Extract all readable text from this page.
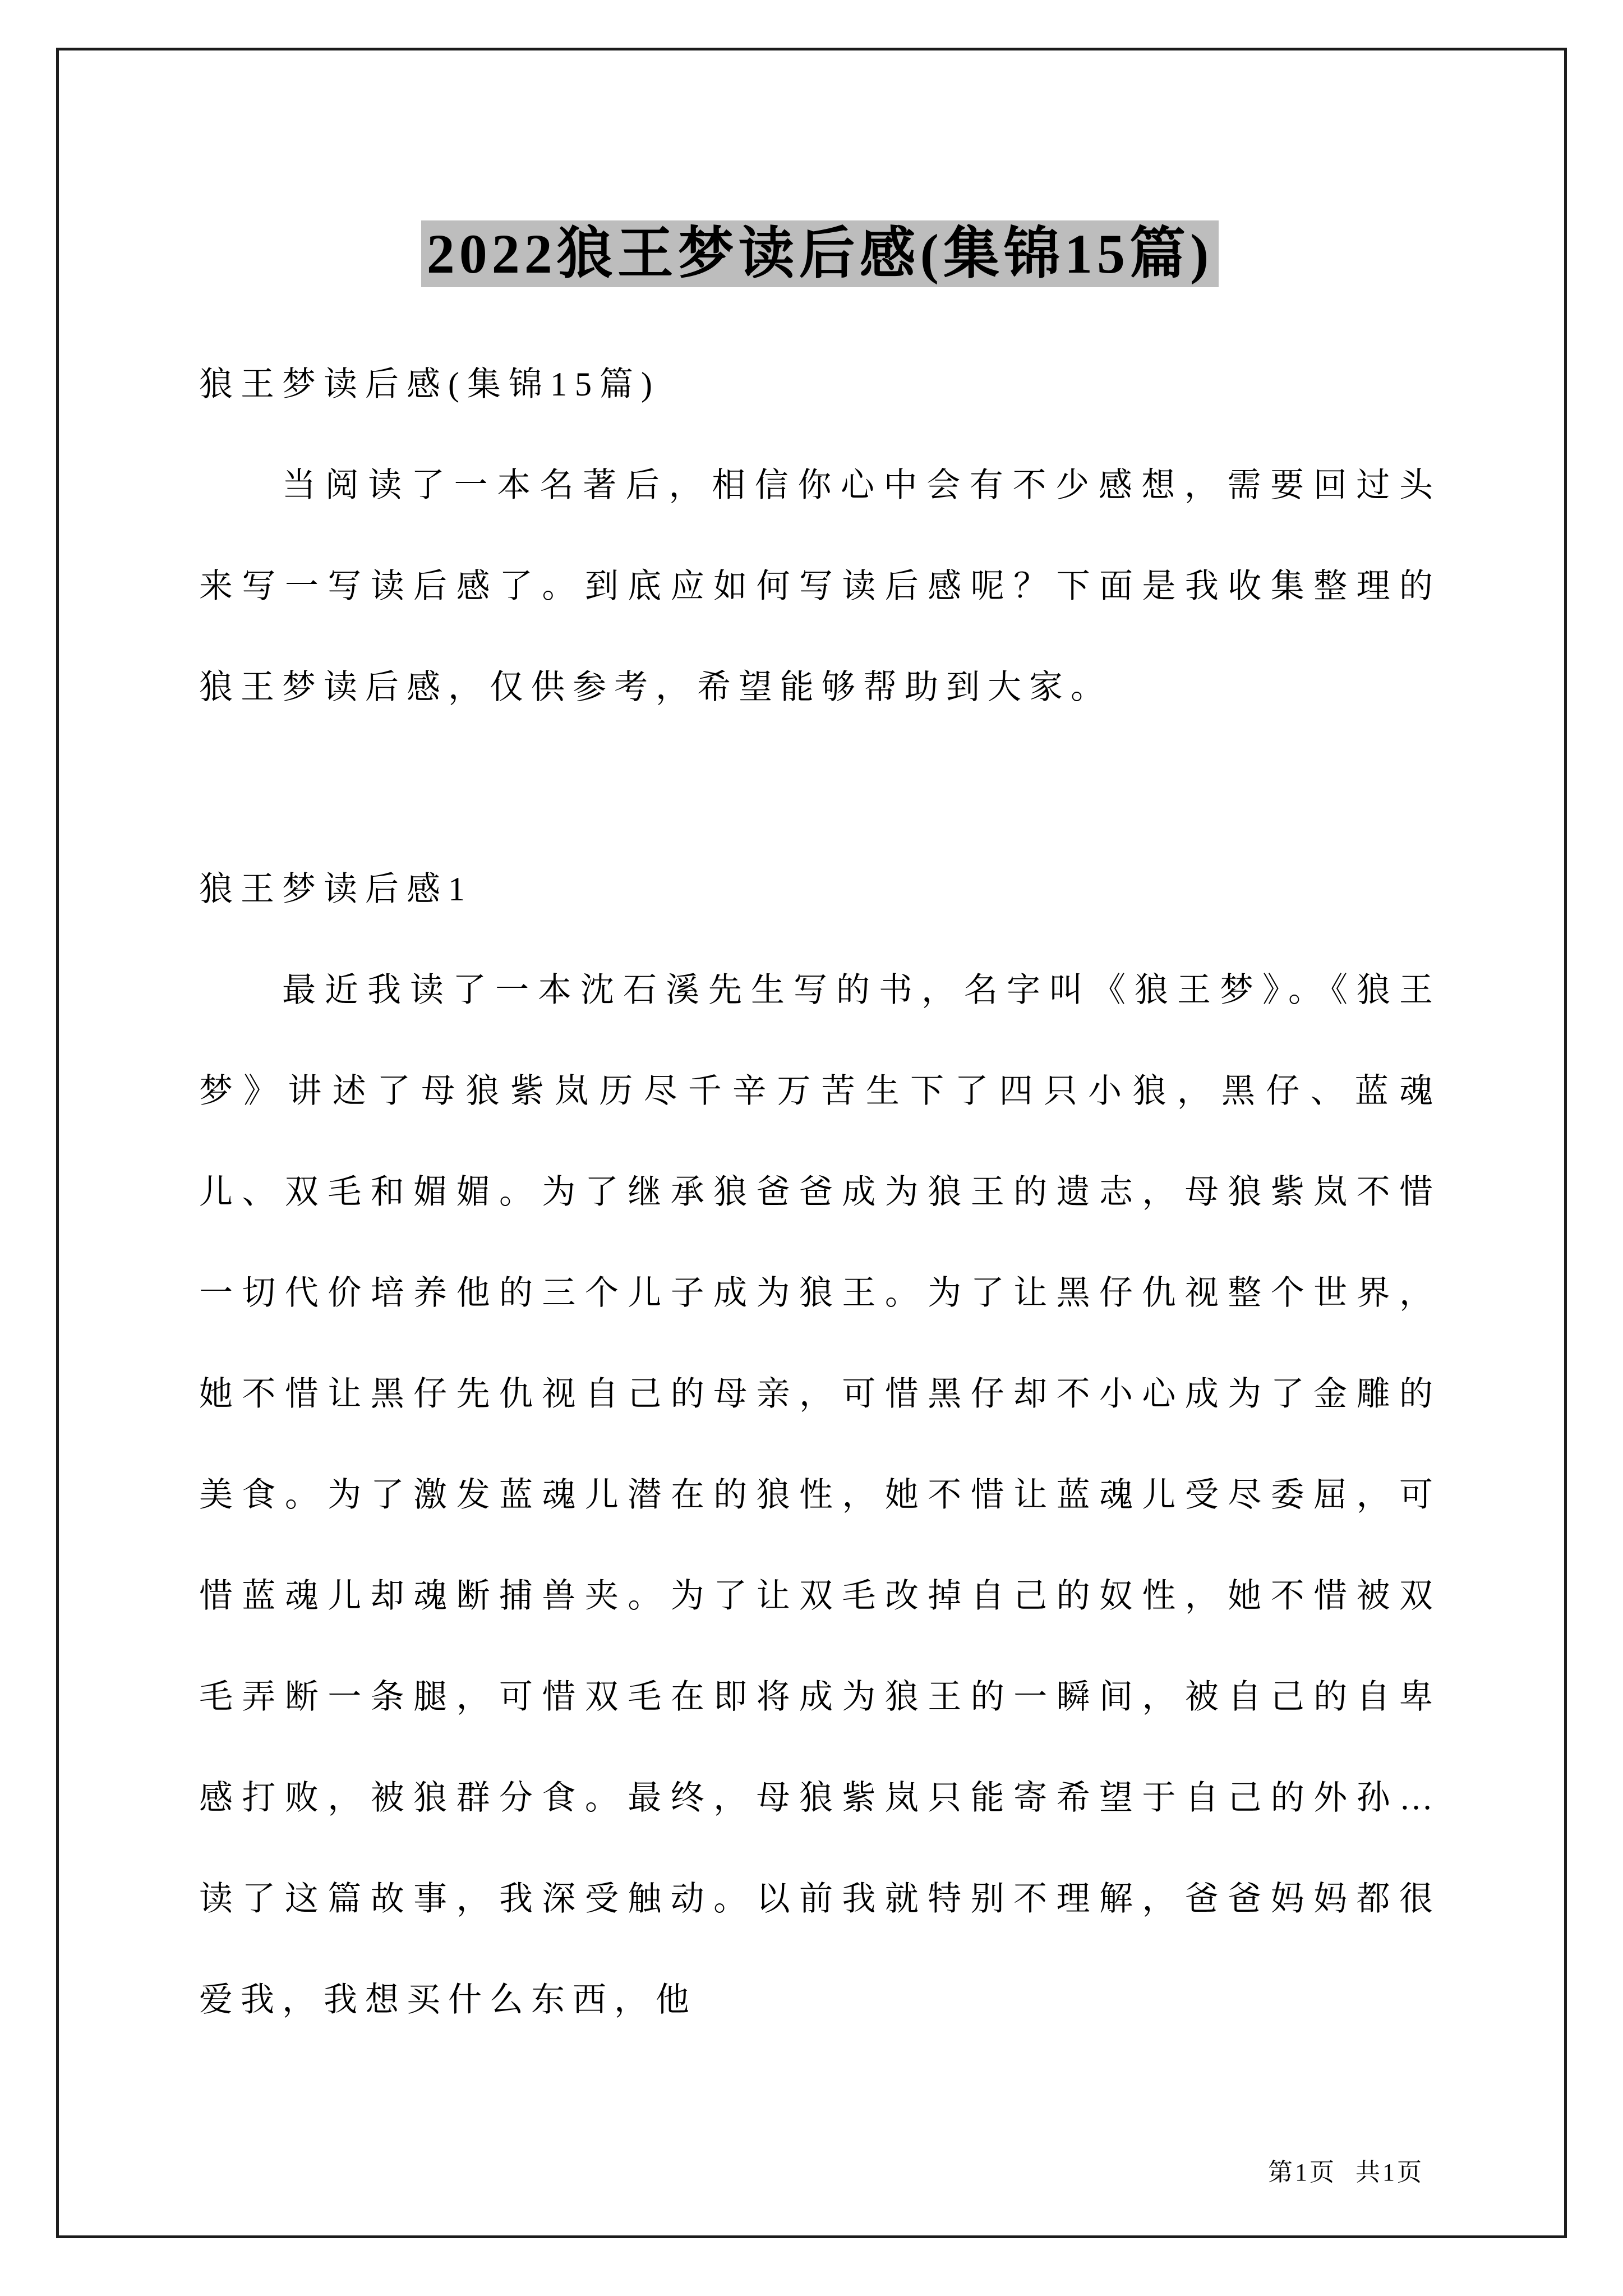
2022狼王梦读后感(集锦15篇)

狼王梦读后感(集锦15篇)

当阅读了一本名著后，相信你心中会有不少感想，需要回过头来写一写读后感了。到底应如何写读后感呢？下面是我收集整理的狼王梦读后感，仅供参考，希望能够帮助到大家。

狼王梦读后感1

最近我读了一本沈石溪先生写的书，名字叫《狼王梦》。《狼王梦》讲述了母狼紫岚历尽千辛万苦生下了四只小狼，黑仔、蓝魂儿、双毛和媚媚。为了继承狼爸爸成为狼王的遗志，母狼紫岚不惜一切代价培养他的三个儿子成为狼王。为了让黑仔仇视整个世界，她不惜让黑仔先仇视自己的母亲，可惜黑仔却不小心成为了金雕的美食。为了激发蓝魂儿潜在的狼性，她不惜让蓝魂儿受尽委屈，可惜蓝魂儿却魂断捕兽夹。为了让双毛改掉自己的奴性，她不惜被双毛弄断一条腿，可惜双毛在即将成为狼王的一瞬间，被自己的自卑感打败，被狼群分食。最终，母狼紫岚只能寄希望于自己的外孙…读了这篇故事，我深受触动。以前我就特别不理解，爸爸妈妈都很爱我，我想买什么东西，他

第1页 共1页
